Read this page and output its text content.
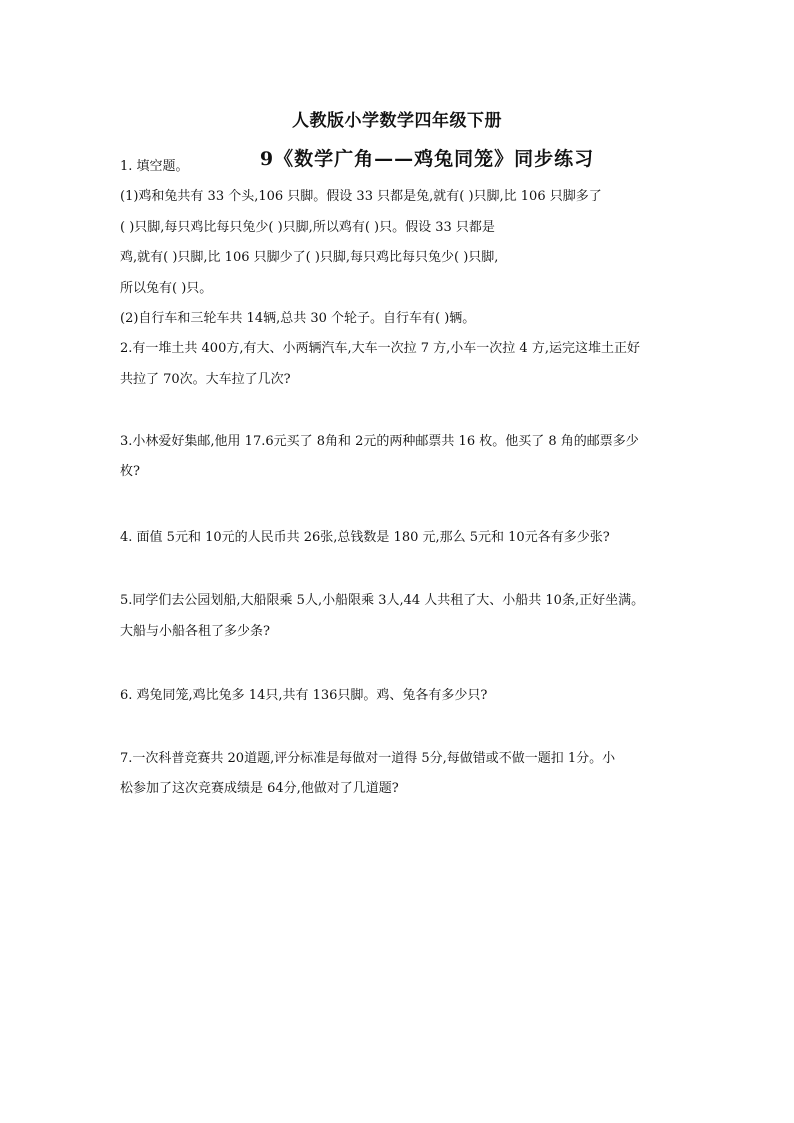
人教版小学数学四年级下册
9《数学广角——鸡兔同笼》同步练习
1. 填空题。
(1)鸡和兔共有 33 个头,106 只脚。假设 33 只都是兔,就有( )只脚,比 106 只脚多了
( )只脚,每只鸡比每只兔少( )只脚,所以鸡有( )只。假设 33 只都是
鸡,就有( )只脚,比 106 只脚少了( )只脚,每只鸡比每只兔少( )只脚,
所以兔有( )只。
(2)自行车和三轮车共 14辆,总共 30 个轮子。自行车有( )辆。
2.有一堆土共 400方,有大、小两辆汽车,大车一次拉 7 方,小车一次拉 4 方,运完这堆土正好
共拉了 70次。大车拉了几次?
3.小林爱好集邮,他用 17.6元买了 8角和 2元的两种邮票共 16 枚。他买了 8 角的邮票多少
枚?
4. 面值 5元和 10元的人民币共 26张,总钱数是 180 元,那么 5元和 10元各有多少张?
5.同学们去公园划船,大船限乘 5人,小船限乘 3人,44 人共租了大、小船共 10条,正好坐满。
大船与小船各租了多少条?
6. 鸡兔同笼,鸡比兔多 14只,共有 136只脚。鸡、兔各有多少只?
7.一次科普竞赛共 20道题,评分标准是每做对一道得 5分,每做错或不做一题扣 1分。小
松参加了这次竞赛成绩是 64分,他做对了几道题?
